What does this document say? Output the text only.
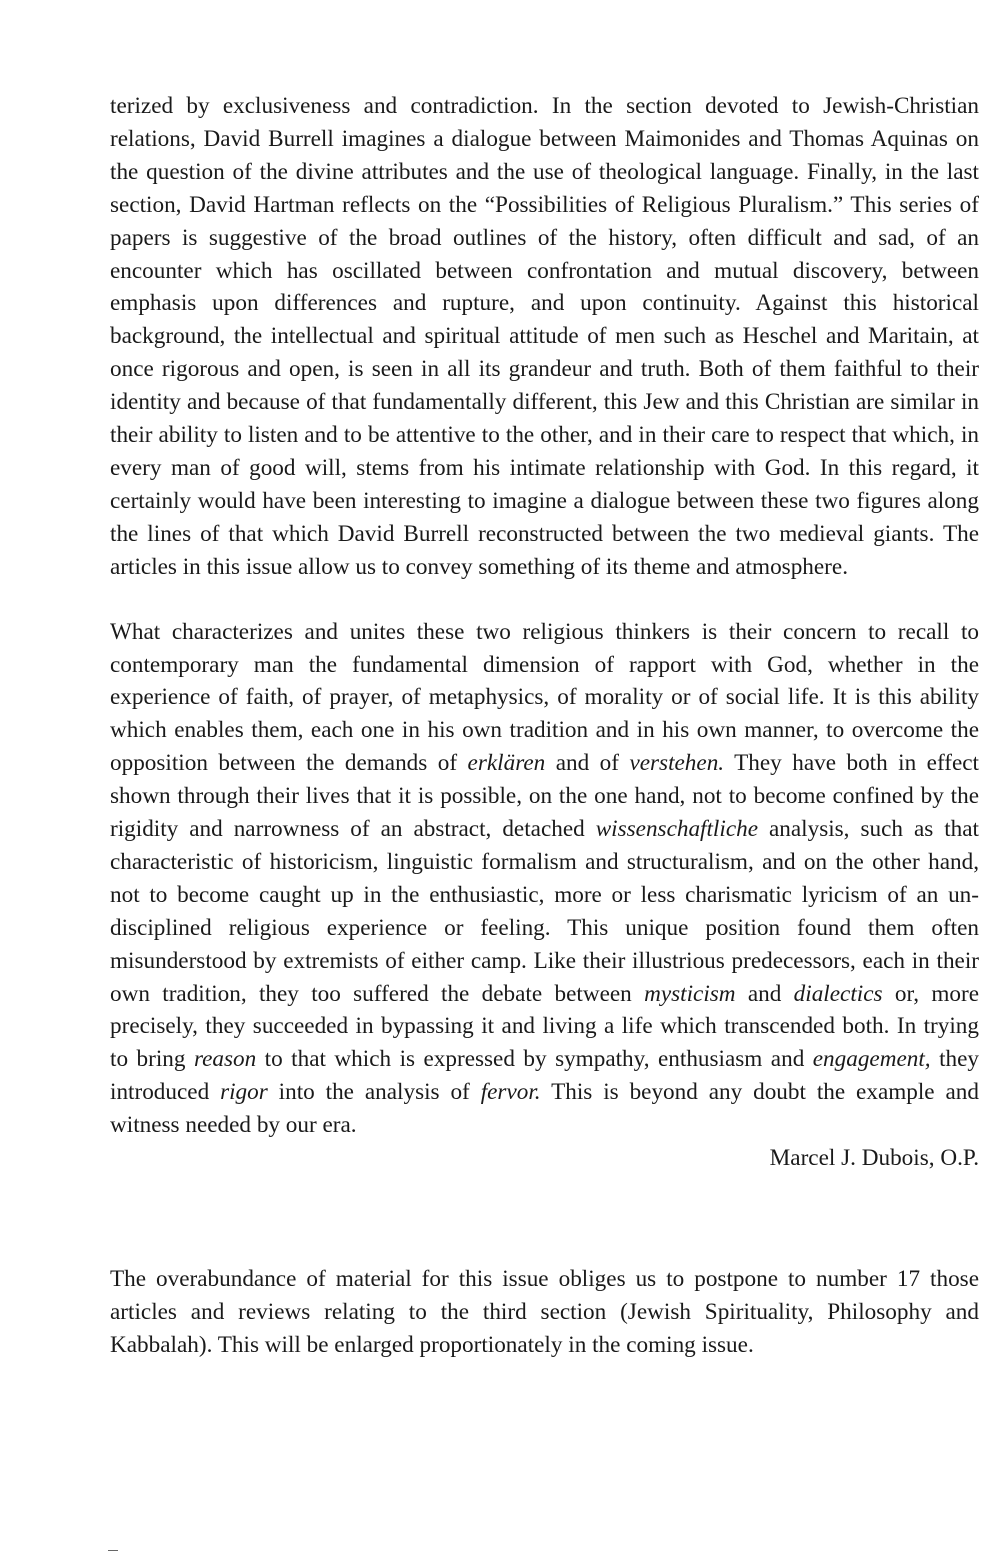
terized by exclusiveness and contradiction. In the section devoted to Jewish-Christian relations, David Burrell imagines a dialogue between Maimonides and Thomas Aquinas on the question of the divine attributes and the use of theological language. Finally, in the last section, David Hartman reflects on the “Possibilities of Religious Pluralism.” This series of papers is suggestive of the broad outlines of the history, often difficult and sad, of an encounter which has oscillated between confrontation and mutual discovery, between emphasis upon differences and rupture, and upon continuity. Against this historical background, the intellectual and spiritual attitude of men such as Heschel and Maritain, at once rigorous and open, is seen in all its grandeur and truth. Both of them faithful to their identity and because of that fundamentally different, this Jew and this Christian are similar in their ability to listen and to be attentive to the other, and in their care to respect that which, in every man of good will, stems from his intimate relationship with God. In this regard, it certainly would have been interesting to imagine a dialogue between these two figures along the lines of that which David Burrell reconstructed between the two medieval giants. The articles in this issue allow us to convey something of its theme and atmosphere.

What characterizes and unites these two religious thinkers is their concern to recall to contemporary man the fundamental dimension of rapport with God, whether in the experience of faith, of prayer, of metaphysics, of morality or of social life. It is this ability which enables them, each one in his own tradition and in his own manner, to overcome the opposition between the demands of erklären and of verstehen. They have both in effect shown through their lives that it is possible, on the one hand, not to become confined by the rigidity and narrowness of an abstract, detached wissenschaftliche analysis, such as that characteristic of historicism, linguistic formalism and structuralism, and on the other hand, not to become caught up in the enthusiastic, more or less charismatic lyricism of an undisciplined religious experience or feeling. This unique position found them often misunderstood by extremists of either camp. Like their illustrious predecessors, each in their own tradition, they too suffered the debate between mysticism and dialectics or, more precisely, they succeeded in bypassing it and living a life which transcended both. In trying to bring reason to that which is expressed by sympathy, enthusiasm and engagement, they introduced rigor into the analysis of fervor. This is beyond any doubt the example and witness needed by our era.

Marcel J. Dubois, O.P.

The overabundance of material for this issue obliges us to postpone to number 17 those articles and reviews relating to the third section (Jewish Spirituality, Philosophy and Kabbalah). This will be enlarged proportionately in the coming issue.
